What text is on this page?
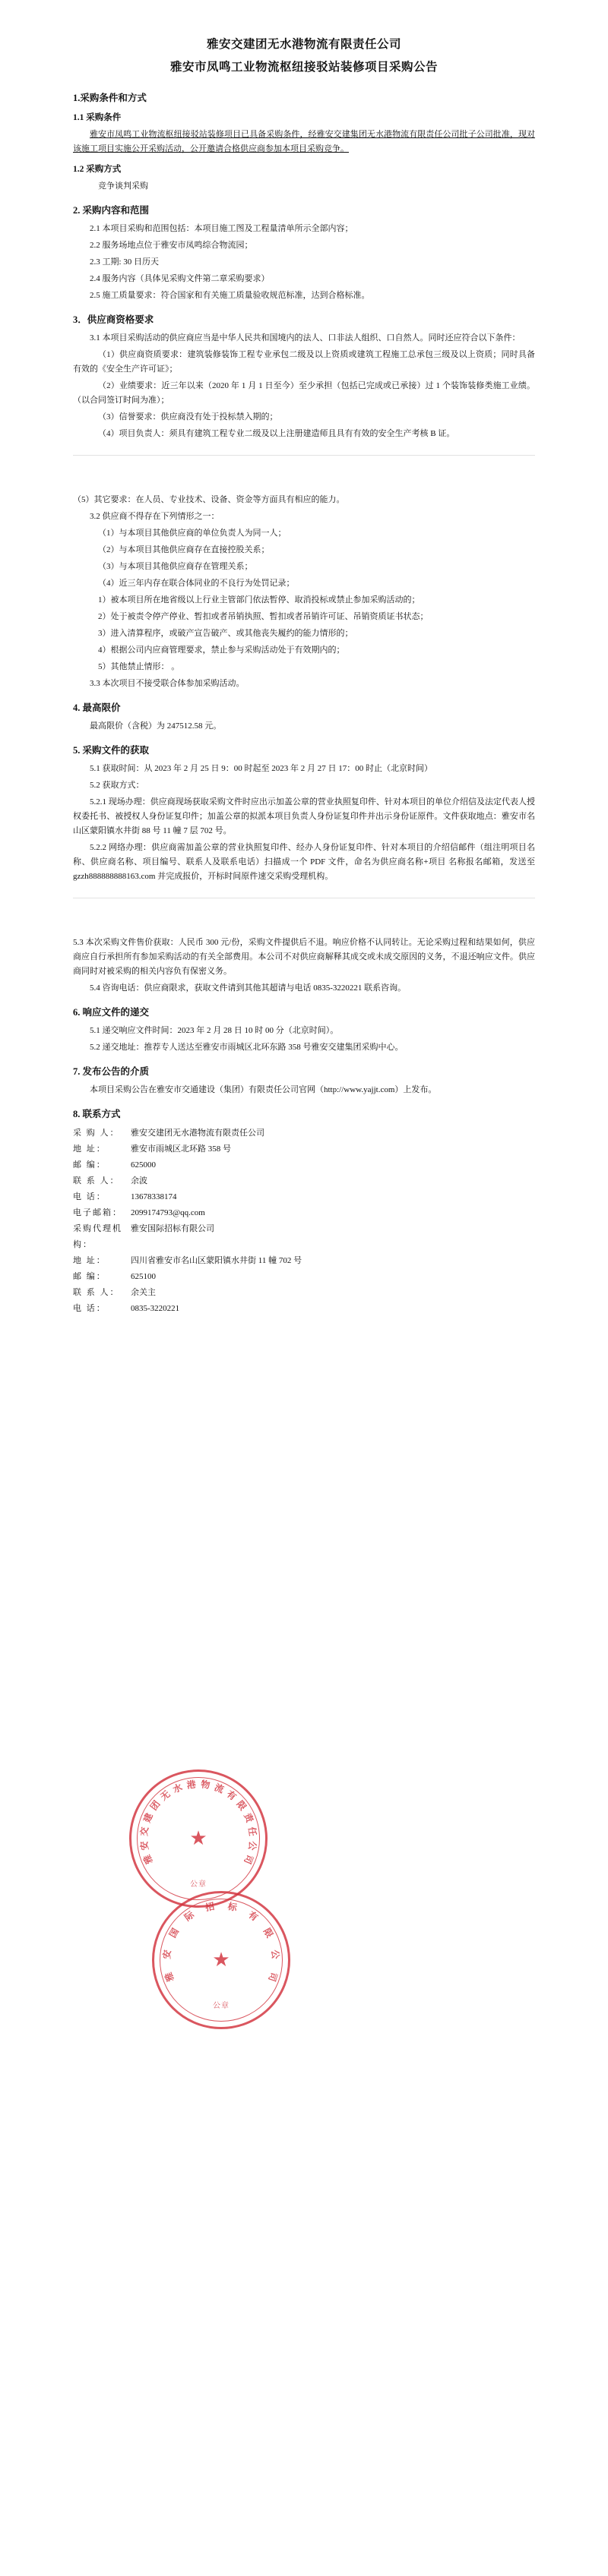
雅安交建团无水港物流有限责任公司
雅安市凤鸣工业物流枢纽接驳站装修项目采购公告
1.采购条件和方式
1.1 采购条件

雅安市凤鸣工业物流枢纽接驳站装修项目已具备采购条件，经雅安交建集团无水港物流有限责任公司批子公司批准，现对该施工项目实施公开采购活动，公开邀请合格供应商参加本项目采购竞争。

1.2 采购方式

竞争谈判采购

2. 采购内容和范围

2.1 本项目采购和范围包括：本项目施工图及工程量清单所示全部内容；

2.2 服务场地点位于雅安市凤鸣综合物流园；

2.3 工期: 30 日历天

2.4 服务内容（具体见采购文件第二章采购要求）

2.5 施工质量要求：符合国家和有关施工质量验收规范标准，达到合格标准。

3．供应商资格要求

3.1 本项目采购活动的供应商应当是中华人民共和国境内的法人、口非法人组织、口自然人。同时还应符合以下条件：

（1）供应商资质要求：建筑装修装饰工程专业承包二级及以上资质或建筑工程施工总承包三级及以上资质；同时具备有效的《安全生产许可证》；

（2）业绩要求：近三年以来（2020 年 1 月 1 日至今）至少承担（包括已完成或已承接）过 1 个装饰装修类施工业绩。（以合同签订时间为准）；

（3）信誉要求：供应商没有处于投标禁入期的；

（4）项目负责人：须具有建筑工程专业二级及以上注册建造师且具有有效的安全生产考核 B 证。

（5）其它要求：在人员、专业技术、设备、资金等方面具有相应的能力。

3.2 供应商不得存在下列情形之一：

（1）与本项目其他供应商的单位负责人为同一人；

（2）与本项目其他供应商存在直接控股关系；

（3）与本项目其他供应商存在管理关系；

（4）近三年内存在联合体同业的不良行为处罚记录；

1）被本项目所在地省级以上行业主管部门依法暂停、取消投标或禁止参加采购活动的；

2）处于被责令停产停业、暂扣或者吊销执照、暂扣或者吊销许可证、吊销资质证书状态；

3）进入清算程序，或破产宣告破产、或其他丧失履约的能力情形的；

4）根据公司内应商管理要求，禁止参与采购活动处于有效期内的；

5）其他禁止情形： 。

3.3 本次项目不接受联合体参加采购活动。

4. 最高限价

最高限价（含税）为 247512.58 元。

5. 采购文件的获取

5.1 获取时间：从 2023 年 2 月 25 日 9：00 时起至 2023 年 2 月 27 日 17：00 时止（北京时间）

5.2 获取方式：

5.2.1 现场办理：供应商现场获取采购文件时应出示加盖公章的营业执照复印件、针对本项目的单位介绍信及法定代表人授权委托书、被授权人身份证复印件；加盖公章的拟派本项目负责人身份证复印件并出示身份证原件。文件获取地点：雅安市名山区蒙阳镇水井街 88 号 11 幢 7 层 702 号。

5.2.2 网络办理：供应商需加盖公章的营业执照复印件、经办人身份证复印件、针对本项目的介绍信邮件（组注明项目名称、供应商名称、项目编号、联系人及联系电话）扫描成一个 PDF 文件，命名为供应商名称+项目 名称报名邮箱，发送至 gzzh888888888163.com 并完成报价，开标时间原件速交采购受理机构。

5.3 本次采购文件售价获取：人民币 300 元/份，采购文件提供后不退。响应价格不认同转让。无论采购过程和结果如何，供应商应自行承担所有参加采购活动的有关全部费用。本公司不对供应商解释其成交或未成交原因的义务，不退还响应文件。供应商同时对被采购的相关内容负有保密义务。

5.4 咨询电话：供应商限求，获取文件请到其他其超请与电话 0835-3220221 联系咨询。

6. 响应文件的递交

5.1 递交响应文件时间：2023 年 2 月 28 日 10 时 00 分（北京时间）。

5.2 递交地址：推荐专人送达至雅安市雨城区北环东路 358 号雅安交建集团采购中心。

7. 发布公告的介质

本项目采购公告在雅安市交通建设（集团）有限责任公司官网（http://www.yajjt.com）上发布。

8. 联系方式
采 购 人：	雅安交建团无水港物流有限责任公司
地 址：	雅安市雨城区北环路 358 号
邮 编：	625000
联 系 人：	余波
电 话：	13678338174
电子邮箱：	2099174793@qq.com
采购代理机构：
雅安国际招标有限公司
地 址：	四川省雅安市名山区蒙阳镇水井街 11 幢 702 号
邮 编：	625100
联 系 人：	余关主
电 话：	0835-3220221
雅
安
交
建
团
无
水 港 物 流
有
限
责
任
公
司
★
公章
雅
安
国
际
招 标
有
限
公
司
★
公章
